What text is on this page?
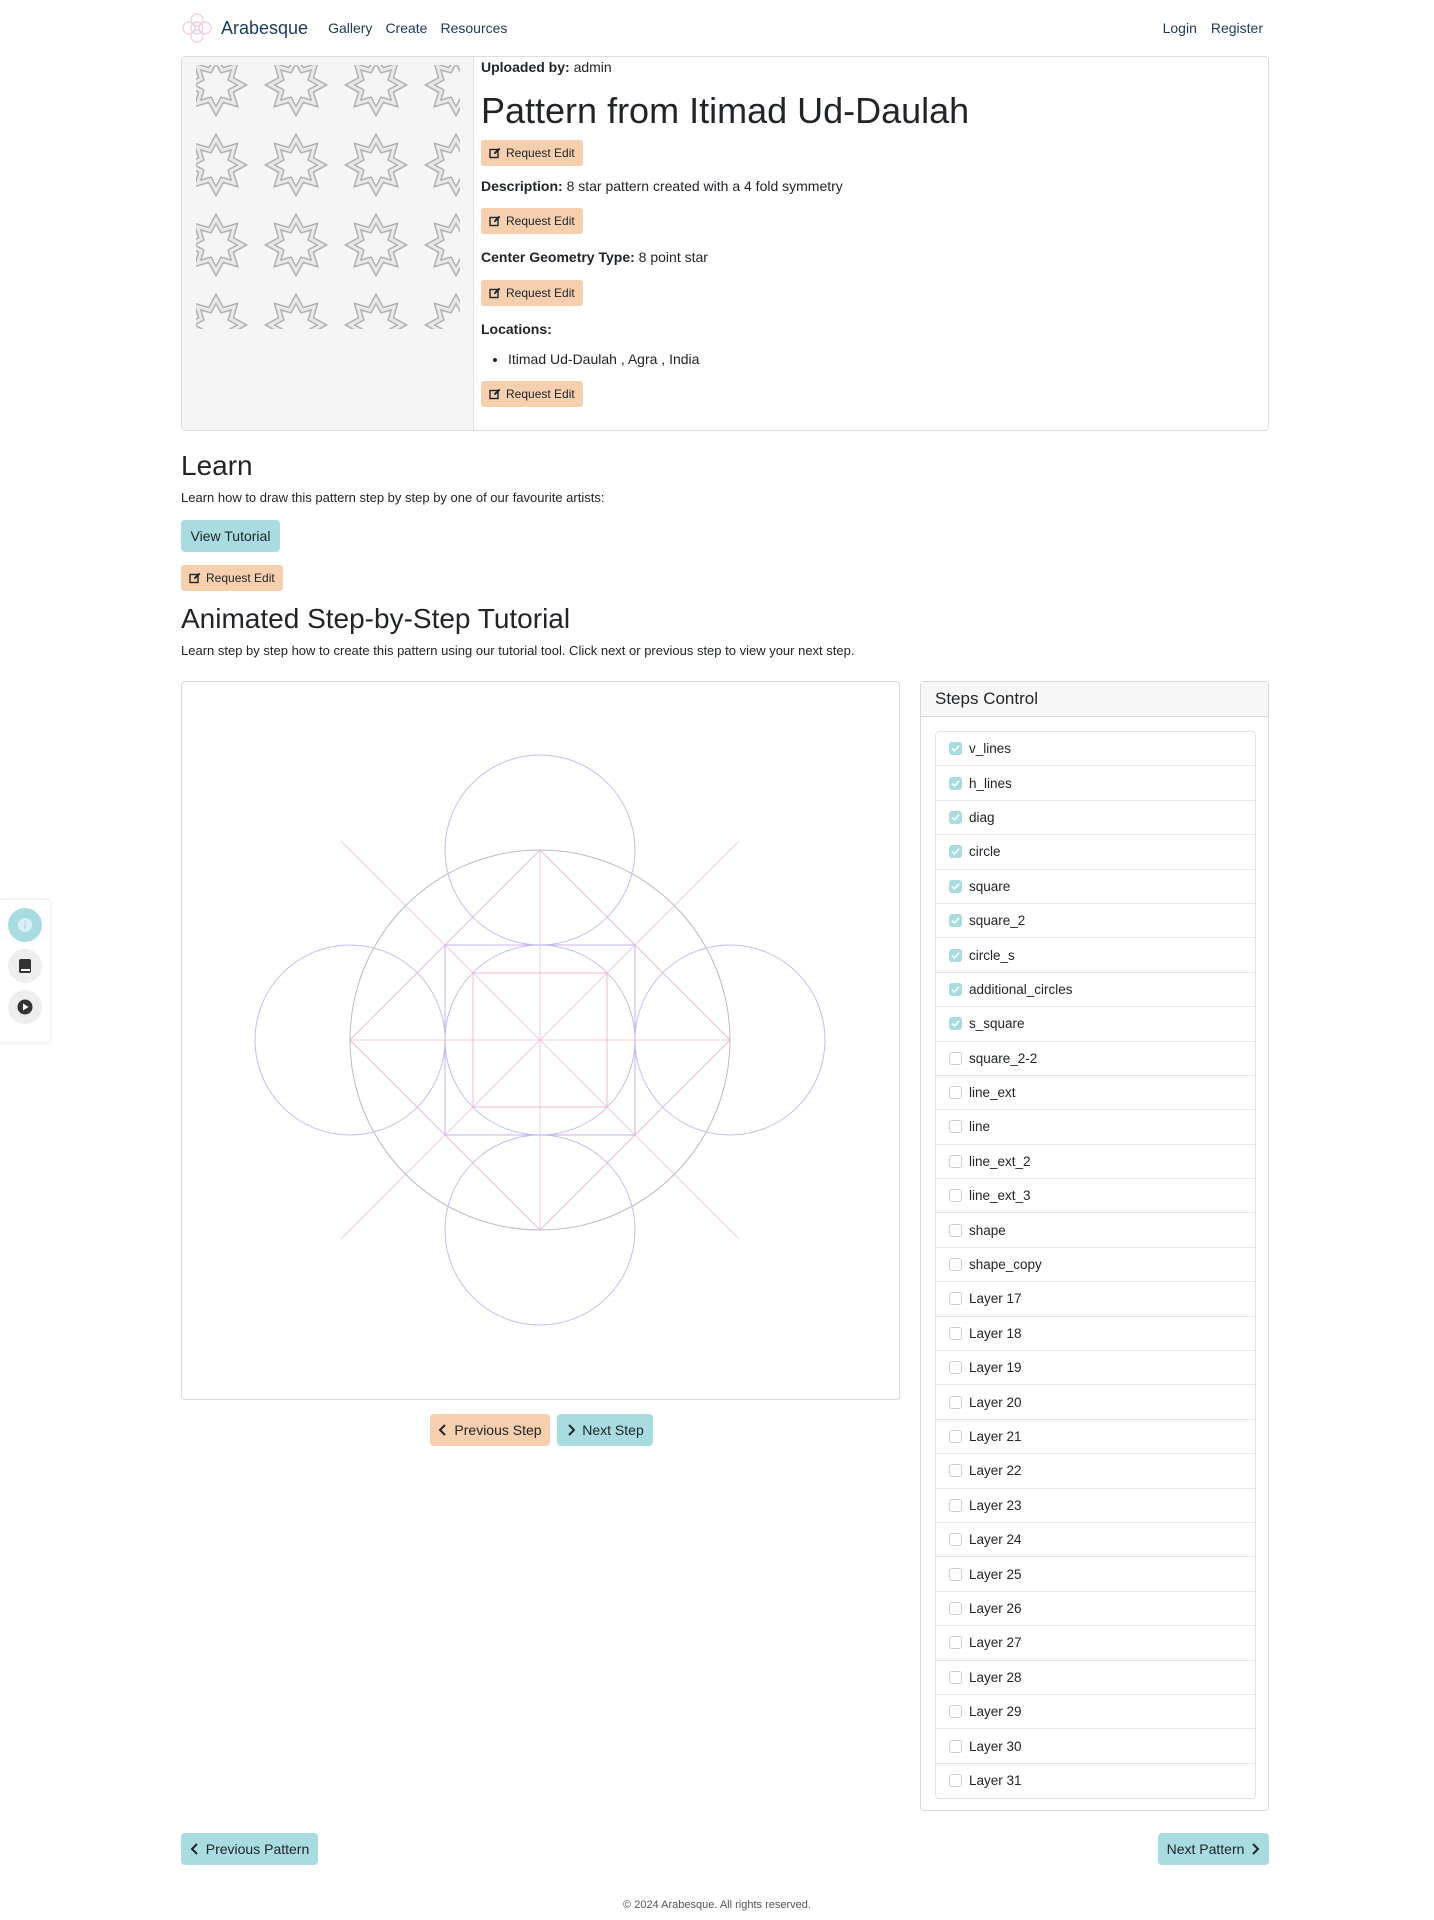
Arabesque Gallery Create Resources	Login Register
Uploaded by: admin
Pattern from Itimad Ud-Daulah
Request Edit
Description: 8 star pattern created with a 4 fold symmetry
Request Edit
Center Geometry Type: 8 point star
Request Edit
Locations:
• Itimad Ud-Daulah , Agra , India
Request Edit
Learn

Learn how to draw this pattern step by step by one of our favourite artists:

View Tutorial
Request Edit
Animated Step-by-Step Tutorial

Learn step by step how to create this pattern using our tutorial tool. Click next or previous step to view your next step.

Previous Step	Next Step
Steps Control
v_lines
h_lines
diag
circle
square
square_2
circle_s
additional_circles
s_square
square_2-2
line_ext
line
line_ext_2
line_ext_3
shape
shape_copy
Layer 17
Layer 18
Layer 19
Layer 20
Layer 21
Layer 22
Layer 23
Layer 24
Layer 25
Layer 26
Layer 27
Layer 28
Layer 29
Layer 30
Layer 31
Previous Pattern	Next Pattern
© 2024 Arabesque. All rights reserved.
